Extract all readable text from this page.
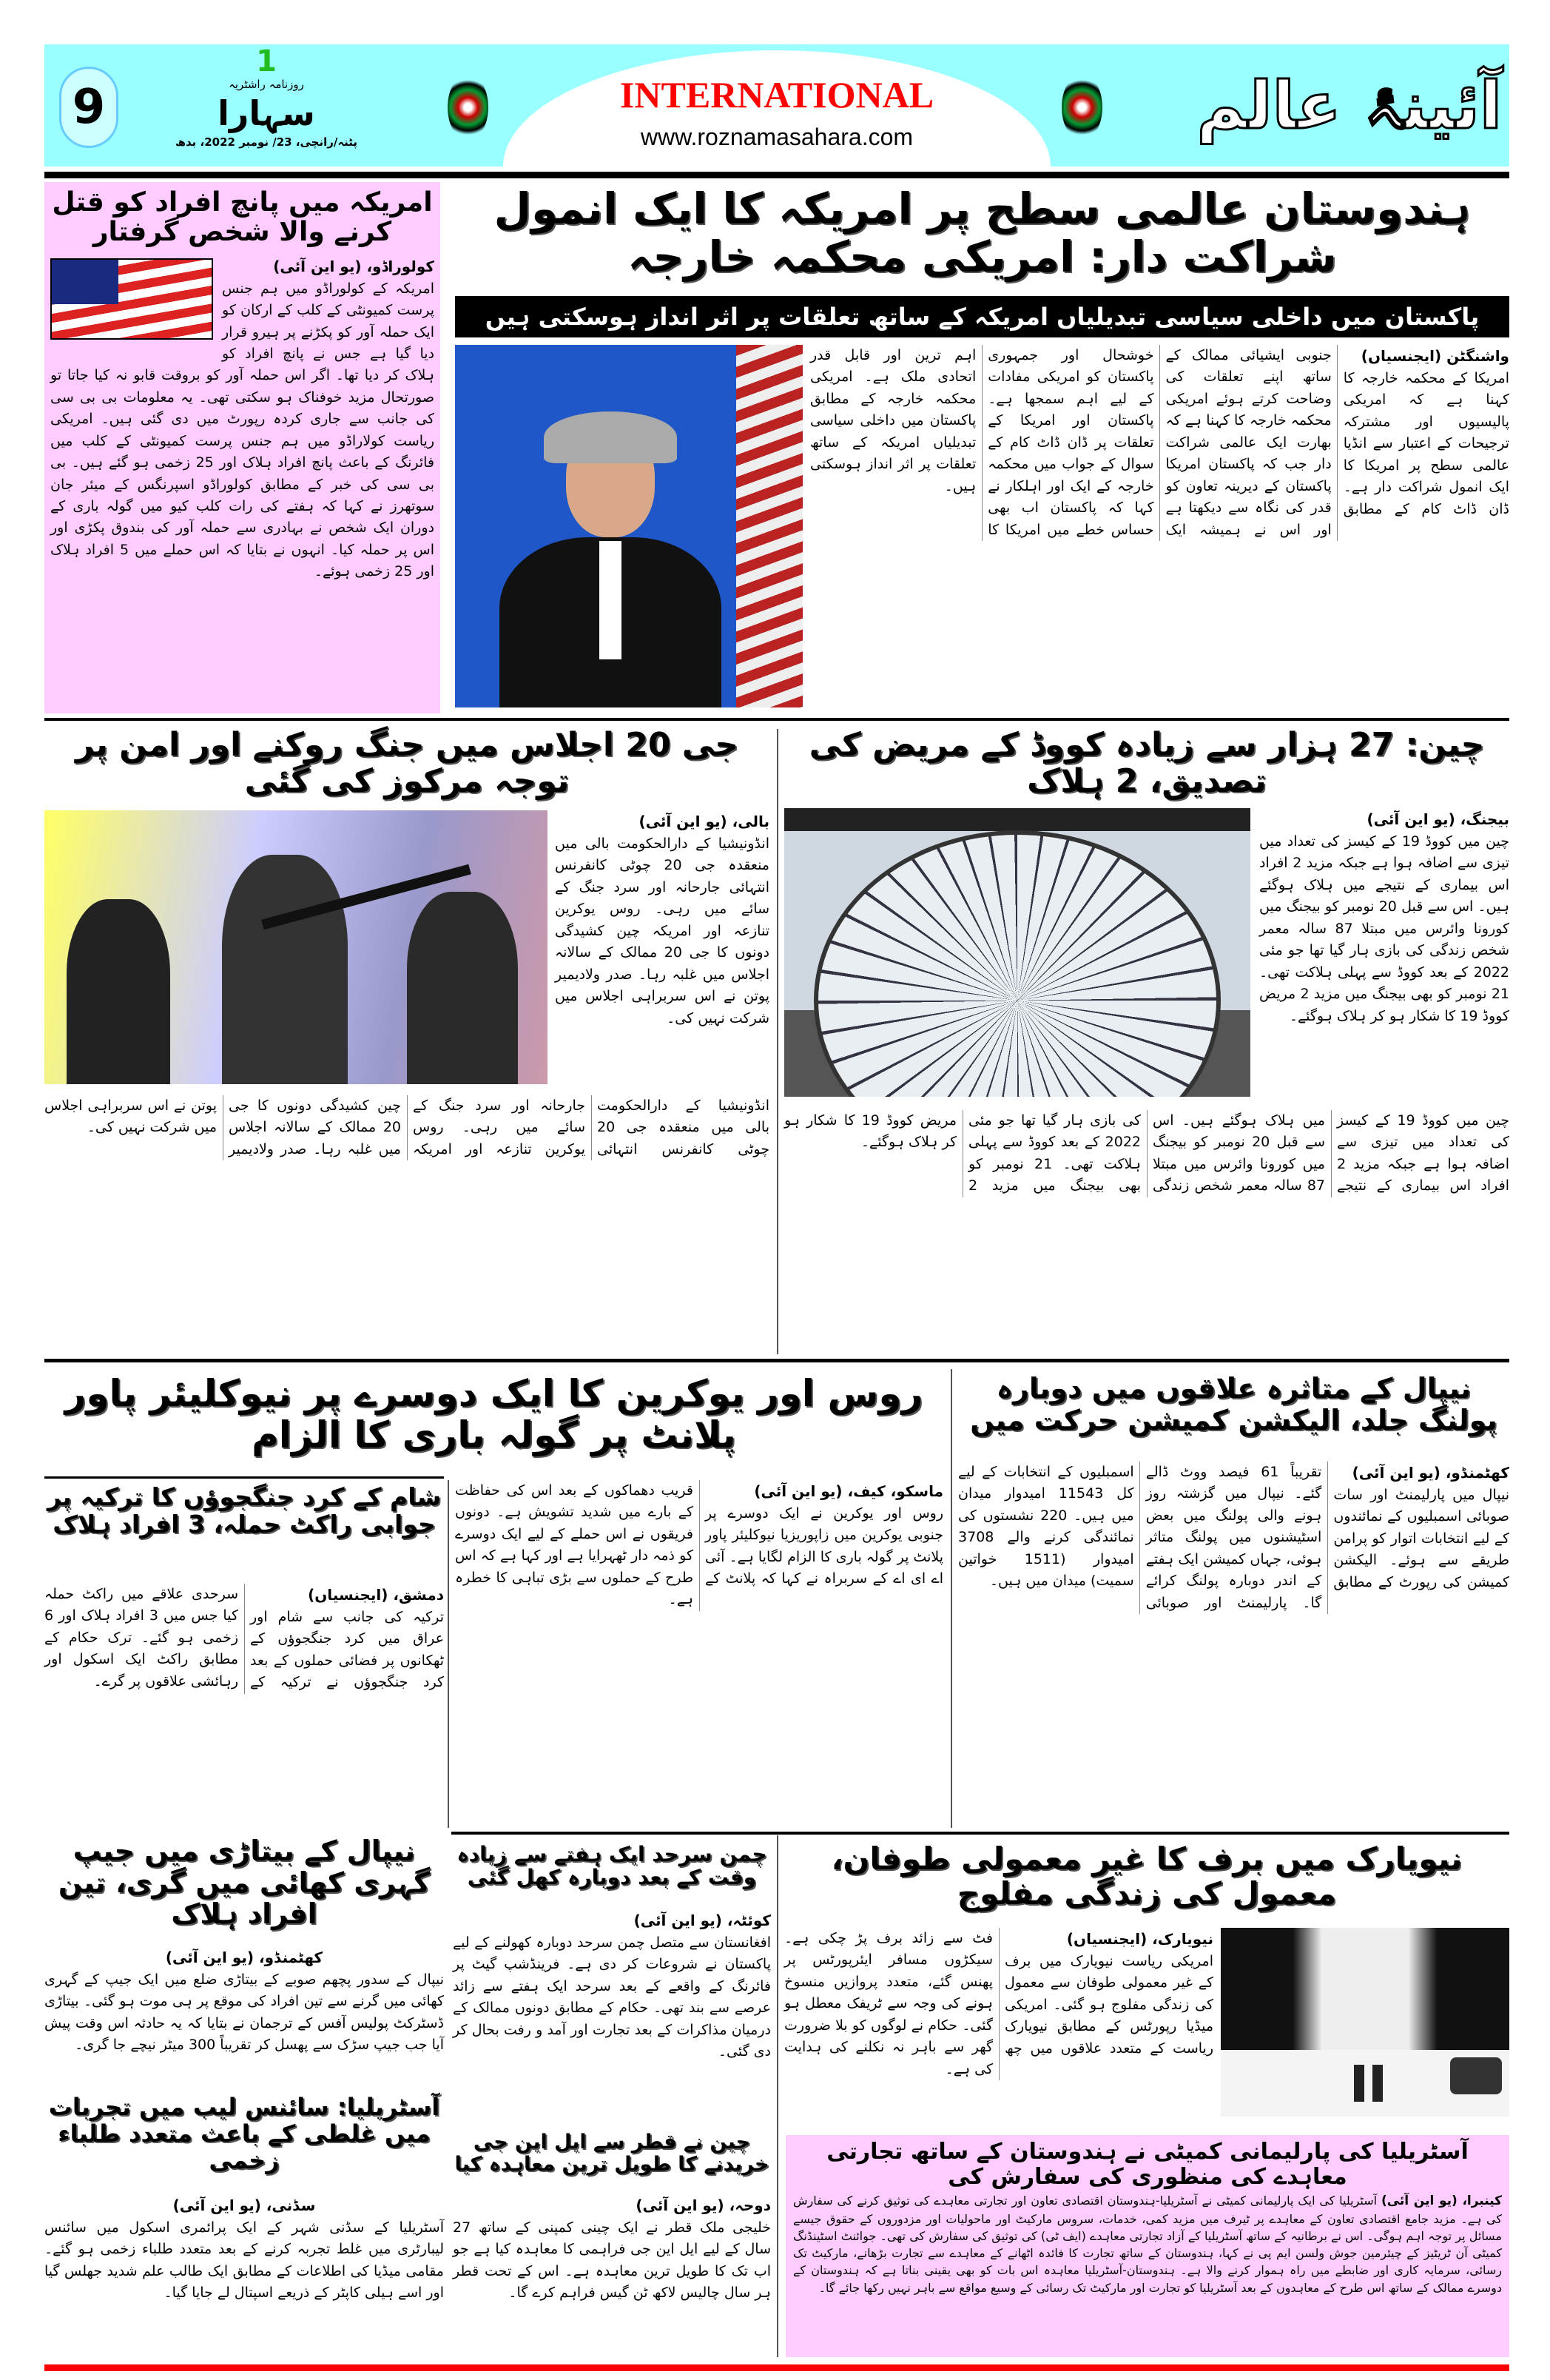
9
1
روزنامہ راشٹریہ
سہارا
پٹنہ/رانچی، 23/ نومبر 2022، بدھ
INTERNATIONAL
www.roznamasahara.com	آئینۂ عالم
امریکہ میں پانچ افراد کو قتل کرنے والا شخص گرفتار
کولوراڈو، (یو این آئی)
امریکہ کے کولوراڈو میں ہم جنس پرست کمیونٹی کے کلب کے ارکان کو ایک حملہ آور کو پکڑنے پر ہیرو قرار دیا گیا ہے جس نے پانچ افراد کو ہلاک کر دیا تھا۔ اگر اس حملہ آور کو بروقت قابو نہ کیا جاتا تو صورتحال مزید خوفناک ہو سکتی تھی۔ یہ معلومات بی بی سی کی جانب سے جاری کردہ رپورٹ میں دی گئی ہیں۔ امریکی ریاست کولاراڈو میں ہم جنس پرست کمیونٹی کے کلب میں فائرنگ کے باعث پانچ افراد ہلاک اور 25 زخمی ہو گئے ہیں۔ بی بی سی کی خبر کے مطابق کولوراڈو اسپرنگس کے میئر جان سوتھرز نے کہا کہ ہفتے کی رات کلب کیو میں گولہ باری کے دوران ایک شخص نے بہادری سے حملہ آور کی بندوق پکڑی اور اس پر حملہ کیا۔ انہوں نے بتایا کہ اس حملے میں 5 افراد ہلاک اور 25 زخمی ہوئے۔
ہندوستان عالمی سطح پر امریکہ کا ایک انمول شراکت دار: امریکی محکمہ خارجہ
پاکستان میں داخلی سیاسی تبدیلیاں امریکہ کے ساتھ تعلقات پر اثر انداز ہوسکتی ہیں
واشنگٹن (ایجنسیاں)
امریکا کے محکمہ خارجہ کا کہنا ہے کہ امریکی پالیسیوں اور مشترکہ ترجیحات کے اعتبار سے انڈیا عالمی سطح پر امریکا کا ایک انمول شراکت دار ہے۔ ڈان ڈاٹ کام کے مطابق جنوبی ایشیائی ممالک کے ساتھ اپنے تعلقات کی وضاحت کرتے ہوئے امریکی محکمہ خارجہ کا کہنا ہے کہ بھارت ایک عالمی شراکت دار جب کہ پاکستان امریکا پاکستان کے دیرینہ تعاون کو قدر کی نگاہ سے دیکھتا ہے اور اس نے ہمیشہ ایک خوشحال اور جمہوری پاکستان کو امریکی مفادات کے لیے اہم سمجھا ہے۔ پاکستان اور امریکا کے تعلقات پر ڈان ڈاٹ کام کے سوال کے جواب میں محکمہ خارجہ کے ایک اور اہلکار نے کہا کہ پاکستان اب بھی حساس خطے میں امریکا کا اہم ترین اور قابل قدر اتحادی ملک ہے۔ امریکی محکمہ خارجہ کے مطابق پاکستان میں داخلی سیاسی تبدیلیاں امریکہ کے ساتھ تعلقات پر اثر انداز ہوسکتی ہیں۔
چین: 27 ہزار سے زیادہ کووڈ کے مریض کی تصدیق، 2 ہلاک
بیجنگ، (یو این آئی)
چین میں کووڈ 19 کے کیسز کی تعداد میں تیزی سے اضافہ ہوا ہے جبکہ مزید 2 افراد اس بیماری کے نتیجے میں ہلاک ہوگئے ہیں۔ اس سے قبل 20 نومبر کو بیجنگ میں کورونا وائرس میں مبتلا 87 سالہ معمر شخص زندگی کی بازی ہار گیا تھا جو مئی 2022 کے بعد کووڈ سے پہلی ہلاکت تھی۔ 21 نومبر کو بھی بیجنگ میں مزید 2 مریض کووڈ 19 کا شکار ہو کر ہلاک ہوگئے۔
چین میں کووڈ 19 کے کیسز کی تعداد میں تیزی سے اضافہ ہوا ہے جبکہ مزید 2 افراد اس بیماری کے نتیجے میں ہلاک ہوگئے ہیں۔ اس سے قبل 20 نومبر کو بیجنگ میں کورونا وائرس میں مبتلا 87 سالہ معمر شخص زندگی کی بازی ہار گیا تھا جو مئی 2022 کے بعد کووڈ سے پہلی ہلاکت تھی۔ 21 نومبر کو بھی بیجنگ میں مزید 2 مریض کووڈ 19 کا شکار ہو کر ہلاک ہوگئے۔
جی 20 اجلاس میں جنگ روکنے اور امن پر توجہ مرکوز کی گئی
بالی، (یو این آئی)
انڈونیشیا کے دارالحکومت بالی میں منعقدہ جی 20 چوٹی کانفرنس انتہائی جارحانہ اور سرد جنگ کے سائے میں رہی۔ روس یوکرین تنازعہ اور امریکہ چین کشیدگی دونوں کا جی 20 ممالک کے سالانہ اجلاس میں غلبہ رہا۔ صدر ولادیمیر پوتن نے اس سربراہی اجلاس میں شرکت نہیں کی۔
انڈونیشیا کے دارالحکومت بالی میں منعقدہ جی 20 چوٹی کانفرنس انتہائی جارحانہ اور سرد جنگ کے سائے میں رہی۔ روس یوکرین تنازعہ اور امریکہ چین کشیدگی دونوں کا جی 20 ممالک کے سالانہ اجلاس میں غلبہ رہا۔ صدر ولادیمیر پوتن نے اس سربراہی اجلاس میں شرکت نہیں کی۔
نیپال کے متاثرہ علاقوں میں دوبارہ پولنگ جلد، الیکشن کمیشن حرکت میں
کھٹمنڈو، (یو این آئی)
نیپال میں پارلیمنٹ اور سات صوبائی اسمبلیوں کے نمائندوں کے لیے انتخابات اتوار کو پرامن طریقے سے ہوئے۔ الیکشن کمیشن کی رپورٹ کے مطابق تقریباً 61 فیصد ووٹ ڈالے گئے۔ نیپال میں گزشتہ روز ہونے والی پولنگ میں بعض اسٹیشنوں میں پولنگ متاثر ہوئی، جہاں کمیشن ایک ہفتے کے اندر دوبارہ پولنگ کرائے گا۔ پارلیمنٹ اور صوبائی اسمبلیوں کے انتخابات کے لیے کل 11543 امیدوار میدان میں ہیں۔ 220 نشستوں کی نمائندگی کرنے والے 3708 امیدوار (1511 خواتین سمیت) میدان میں ہیں۔
روس اور یوکرین کا ایک دوسرے پر نیوکلیئر پاور پلانٹ پر گولہ باری کا الزام
ماسکو، کیف، (یو این آئی)
روس اور یوکرین نے ایک دوسرے پر جنوبی یوکرین میں زاپوریزیا نیوکلیئر پاور پلانٹ پر گولہ باری کا الزام لگایا ہے۔ آئی اے ای اے کے سربراہ نے کہا کہ پلانٹ کے قریب دھماکوں کے بعد اس کی حفاظت کے بارے میں شدید تشویش ہے۔ دونوں فریقوں نے اس حملے کے لیے ایک دوسرے کو ذمہ دار ٹھہرایا ہے اور کہا ہے کہ اس طرح کے حملوں سے بڑی تباہی کا خطرہ ہے۔
شام کے کرد جنگجوؤں کا ترکیہ پر جوابی راکٹ حملہ، 3 افراد ہلاک
دمشق، (ایجنسیاں)
ترکیہ کی جانب سے شام اور عراق میں کرد جنگجوؤں کے ٹھکانوں پر فضائی حملوں کے بعد کرد جنگجوؤں نے ترکیہ کے سرحدی علاقے میں راکٹ حملہ کیا جس میں 3 افراد ہلاک اور 6 زخمی ہو گئے۔ ترک حکام کے مطابق راکٹ ایک اسکول اور رہائشی علاقوں پر گرے۔
نیپال کے بیتاڑی میں جیپ گہری کھائی میں گری، تین افراد ہلاک
کھٹمنڈو، (یو این آئی)
نیپال کے سدور پچھم صوبے کے بیتاڑی ضلع میں ایک جیپ کے گہری کھائی میں گرنے سے تین افراد کی موقع پر ہی موت ہو گئی۔ بیتاڑی ڈسٹرکٹ پولیس آفس کے ترجمان نے بتایا کہ یہ حادثہ اس وقت پیش آیا جب جیپ سڑک سے پھسل کر تقریباً 300 میٹر نیچے جا گری۔
آسٹریلیا: سائنس لیب میں تجربات میں غلطی کے باعث متعدد طلباء زخمی
سڈنی، (یو این آئی)
آسٹریلیا کے سڈنی شہر کے ایک پرائمری اسکول میں سائنس لیبارٹری میں غلط تجربہ کرنے کے بعد متعدد طلباء زخمی ہو گئے۔ مقامی میڈیا کی اطلاعات کے مطابق ایک طالب علم شدید جھلس گیا اور اسے ہیلی کاپٹر کے ذریعے اسپتال لے جایا گیا۔
چمن سرحد ایک ہفتے سے زیادہ وقت کے بعد دوبارہ کھل گئی
کوئٹہ، (یو این آئی)
افغانستان سے متصل چمن سرحد دوبارہ کھولنے کے لیے پاکستان نے شروعات کر دی ہے۔ فرینڈشپ گیٹ پر فائرنگ کے واقعے کے بعد سرحد ایک ہفتے سے زائد عرصے سے بند تھی۔ حکام کے مطابق دونوں ممالک کے درمیان مذاکرات کے بعد تجارت اور آمد و رفت بحال کر دی گئی۔
چین نے قطر سے ایل این جی خریدنے کا طویل ترین معاہدہ کیا
دوحہ، (یو این آئی)
خلیجی ملک قطر نے ایک چینی کمپنی کے ساتھ 27 سال کے لیے ایل این جی فراہمی کا معاہدہ کیا ہے جو اب تک کا طویل ترین معاہدہ ہے۔ اس کے تحت قطر ہر سال چالیس لاکھ ٹن گیس فراہم کرے گا۔
نیویارک میں برف کا غیر معمولی طوفان، معمول کی زندگی مفلوج
نیویارک، (ایجنسیاں)
امریکی ریاست نیویارک میں برف کے غیر معمولی طوفان سے معمول کی زندگی مفلوج ہو گئی۔ امریکی میڈیا رپورٹس کے مطابق نیویارک ریاست کے متعدد علاقوں میں چھ فٹ سے زائد برف پڑ چکی ہے۔ سیکڑوں مسافر ایئرپورٹس پر پھنس گئے، متعدد پروازیں منسوخ ہونے کی وجہ سے ٹریفک معطل ہو گئی۔ حکام نے لوگوں کو بلا ضرورت گھر سے باہر نہ نکلنے کی ہدایت کی ہے۔
آسٹریلیا کی پارلیمانی کمیٹی نے ہندوستان کے ساتھ تجارتی معاہدے کی منظوری کی سفارش کی
کینبرا، (یو این آئی) آسٹریلیا کی ایک پارلیمانی کمیٹی نے آسٹریلیا-ہندوستان اقتصادی تعاون اور تجارتی معاہدے کی توثیق کرنے کی سفارش کی ہے۔ مزید جامع اقتصادی تعاون کے معاہدے پر ٹیرف میں مزید کمی، خدمات، سروس مارکیٹ اور ماحولیات اور مزدوروں کے حقوق جیسے مسائل پر توجہ اہم ہوگی۔ اس نے برطانیہ کے ساتھ آسٹریلیا کے آزاد تجارتی معاہدے (ایف ٹی) کی توثیق کی سفارش کی تھی۔ جوائنٹ اسٹینڈنگ کمیٹی آن ٹریٹیز کے چیئرمین جوش ولسن ایم پی نے کہا، ہندوستان کے ساتھ تجارت کا فائدہ اٹھانے کے معاہدے سے تجارت بڑھانے، مارکیٹ تک رسائی، سرمایہ کاری اور ضابطے میں راہ ہموار کرنے والا ہے۔ ہندوستان-آسٹریلیا معاہدہ اس بات کو بھی یقینی بناتا ہے کہ ہندوستان کے دوسرے ممالک کے ساتھ اس طرح کے معاہدوں کے بعد آسٹریلیا کو تجارت اور مارکیٹ تک رسائی کے وسیع مواقع سے باہر نہیں رکھا جائے گا۔
